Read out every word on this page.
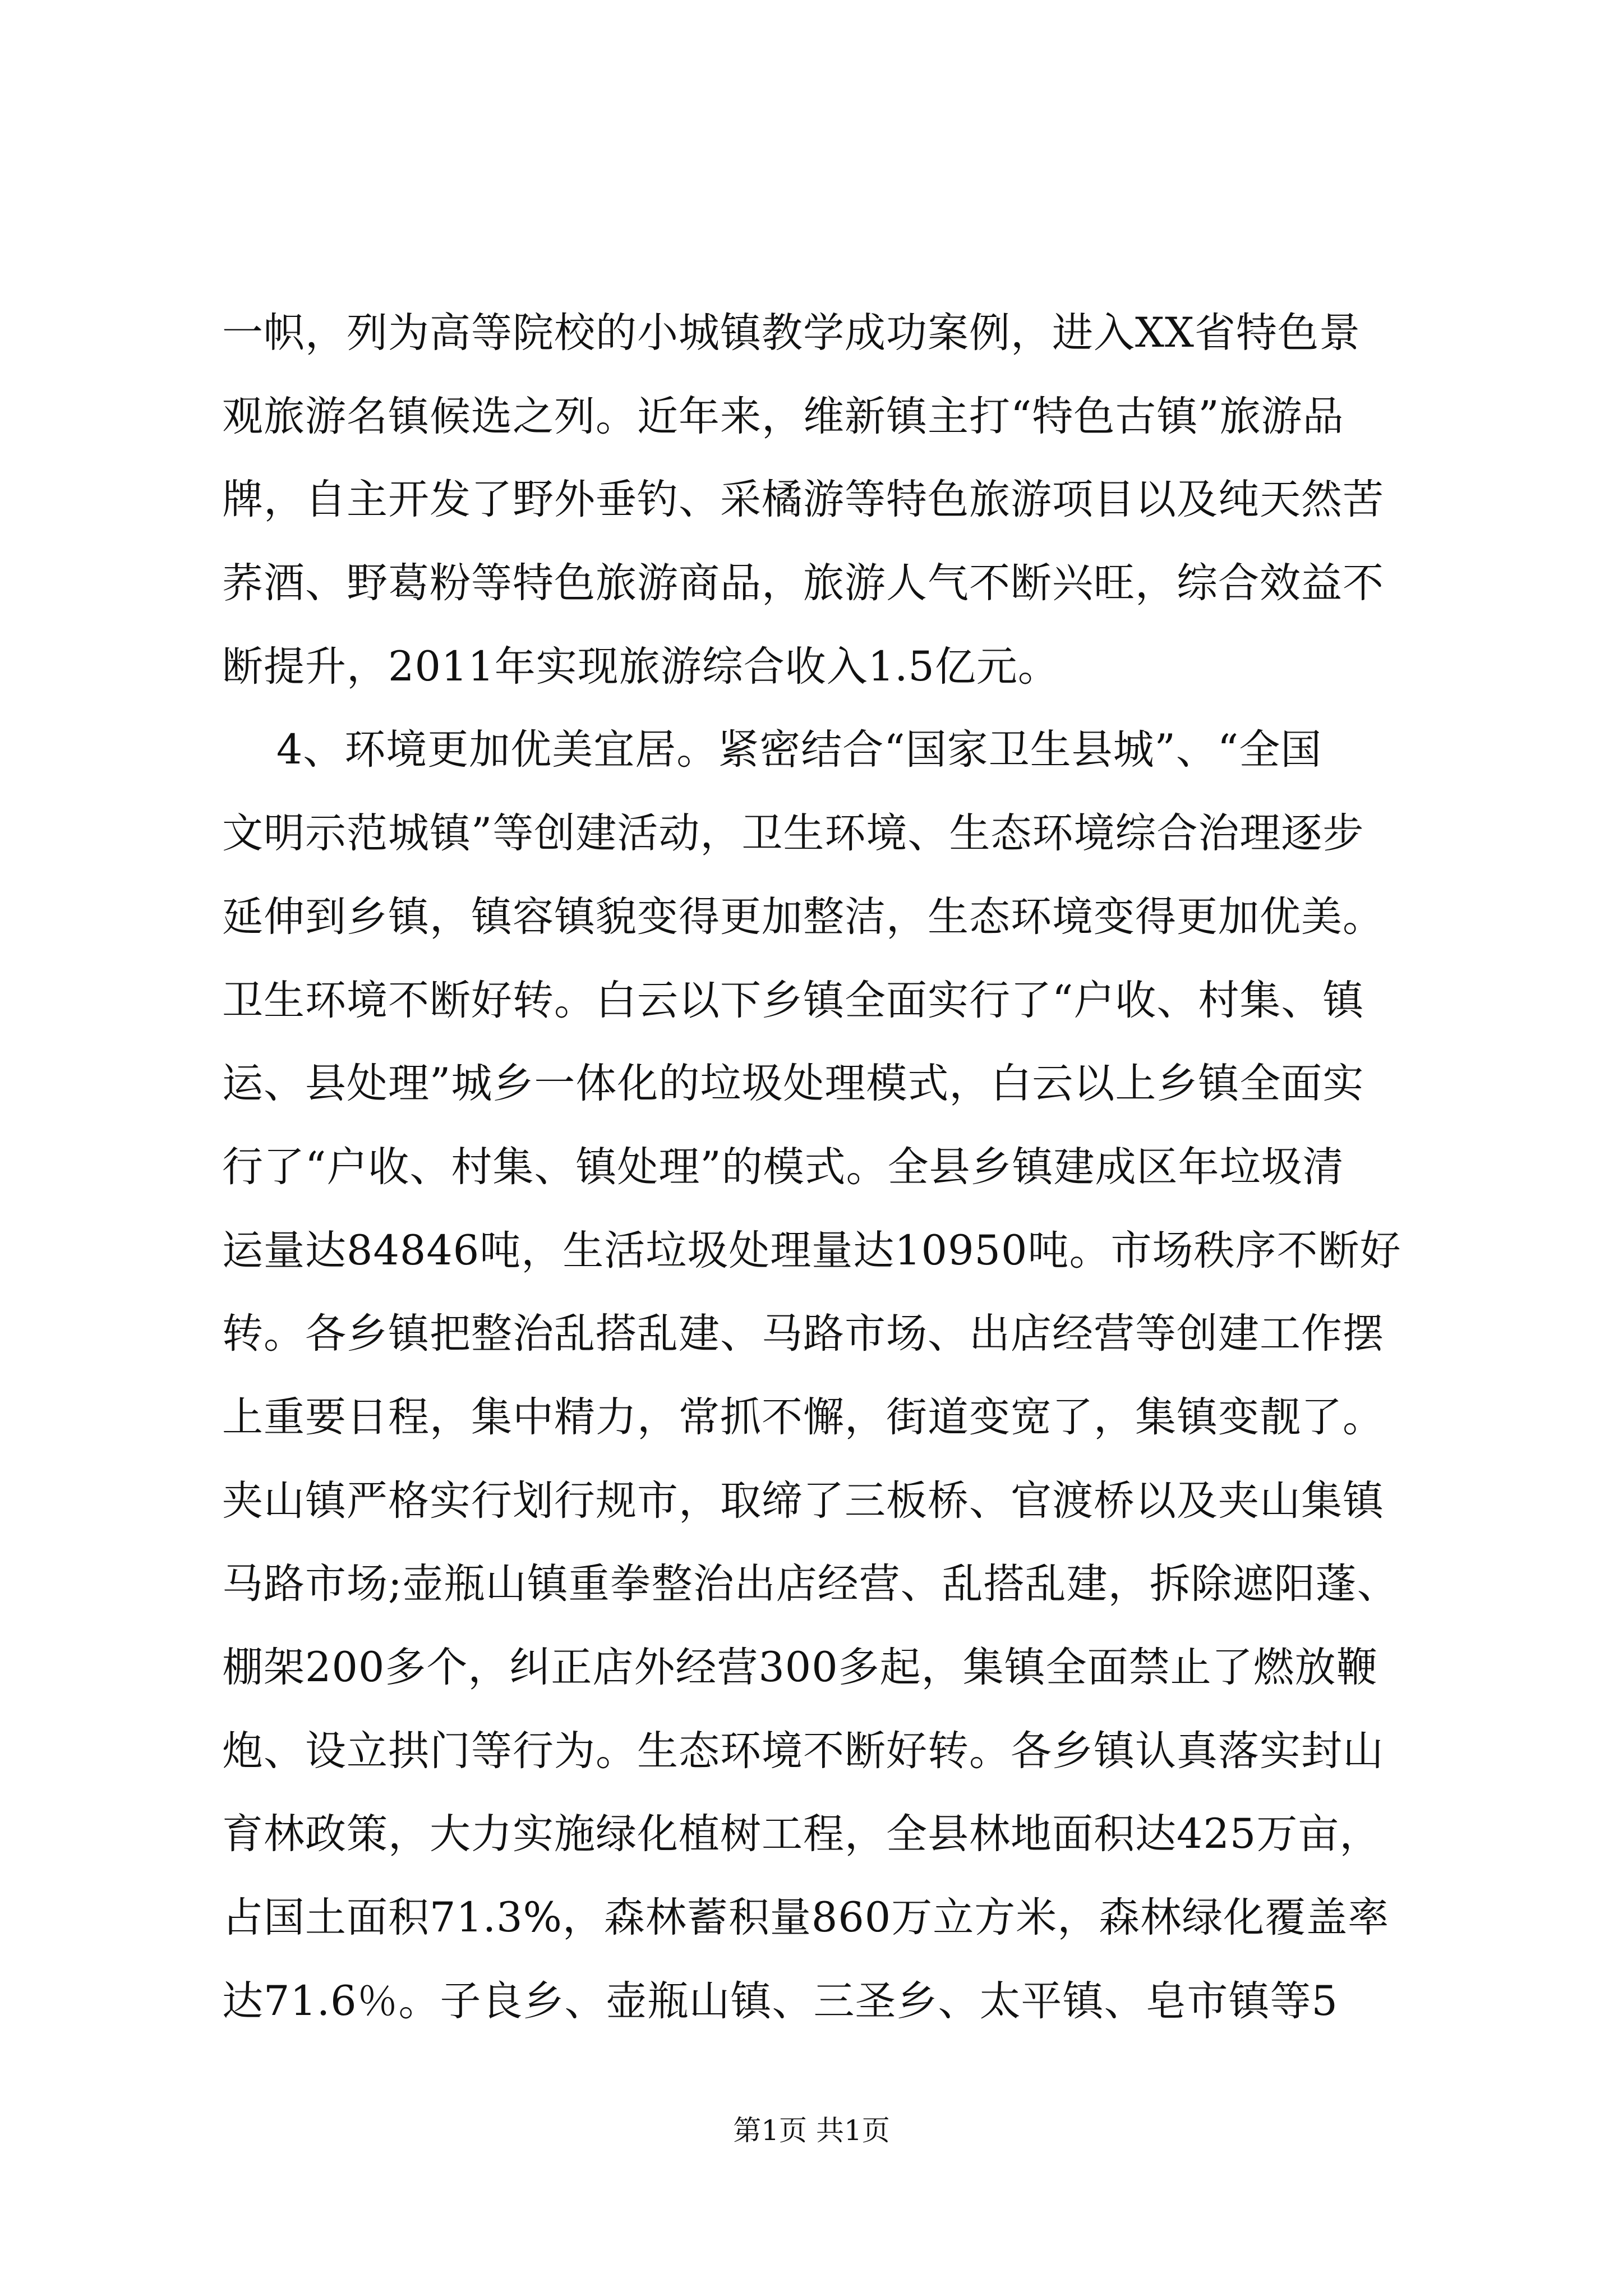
一帜，列为高等院校的小城镇教学成功案例，进入XX省特色景
观旅游名镇候选之列。近年来，维新镇主打“特色古镇”旅游品
牌，自主开发了野外垂钓、采橘游等特色旅游项目以及纯天然苦
荞酒、野葛粉等特色旅游商品，旅游人气不断兴旺，综合效益不
断提升，2011年实现旅游综合收入1.5亿元。
4、环境更加优美宜居。紧密结合“国家卫生县城”、“全国
文明示范城镇”等创建活动，卫生环境、生态环境综合治理逐步
延伸到乡镇，镇容镇貌变得更加整洁，生态环境变得更加优美。
卫生环境不断好转。白云以下乡镇全面实行了“户收、村集、镇
运、县处理”城乡一体化的垃圾处理模式，白云以上乡镇全面实
行了“户收、村集、镇处理”的模式。全县乡镇建成区年垃圾清
运量达84846吨，生活垃圾处理量达10950吨。市场秩序不断好
转。各乡镇把整治乱搭乱建、马路市场、出店经营等创建工作摆
上重要日程，集中精力，常抓不懈，街道变宽了，集镇变靓了。
夹山镇严格实行划行规市，取缔了三板桥、官渡桥以及夹山集镇
马路市场;壶瓶山镇重拳整治出店经营、乱搭乱建，拆除遮阳蓬、
棚架200多个，纠正店外经营300多起，集镇全面禁止了燃放鞭
炮、设立拱门等行为。生态环境不断好转。各乡镇认真落实封山
育林政策，大力实施绿化植树工程，全县林地面积达425万亩，
占国土面积71.3%，森林蓄积量860万立方米，森林绿化覆盖率
达71.6％。子良乡、壶瓶山镇、三圣乡、太平镇、皂市镇等5
第1页 共1页
